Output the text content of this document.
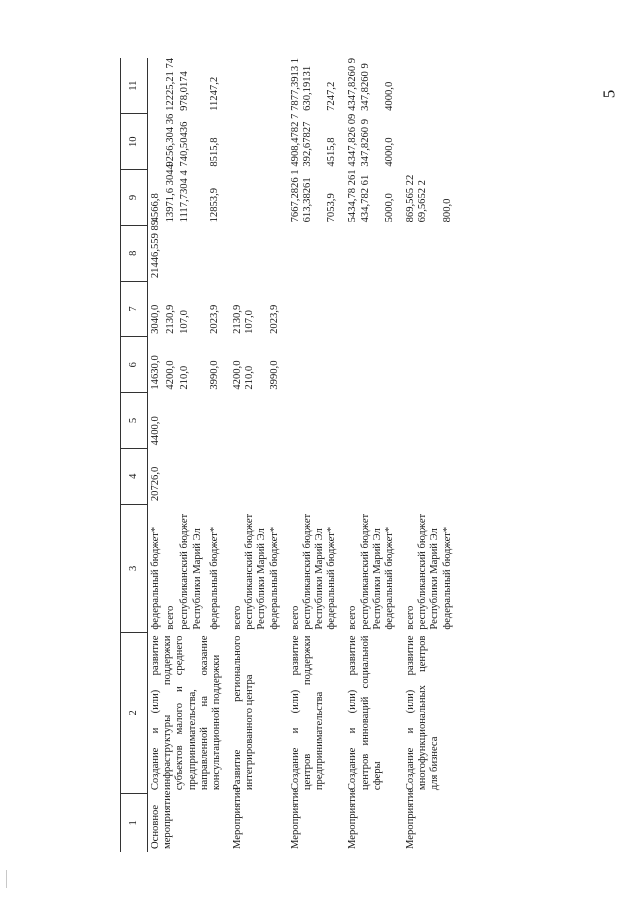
5
1	2	3	4	5	6	7	8	9	10	11
Основное мероприятие	Создание и (или) развитие инфраструктуры поддержки субъектов малого и среднего предпринимательства, направленной на оказание консультационной поддержки	федеральный бюджет*	20726,0	4400,0	14630,0	3040,0	21446,559 89	4566,8		
		всего			4200,0	2130,9		13971,6 3044	9256,304 36	12225,21 74
		республиканский бюджет Республики Марий Эл			210,0	107,0		1117,7304 4	740,50436	978,0174
		федеральный бюджет*			3990,0	2023,9		12853,9	8515,8	11247,2
Мероприятие	Развитие регионального интегрированного центра	всего			4200,0	2130,9				
		республиканский бюджет Республики Марий Эл			210,0	107,0				
		федеральный бюджет*			3990,0	2023,9				
Мероприятие	Создание и (или) развитие центров поддержки предпринимательства	всего						7667,2826 1	4908,4782 7	7877,3913 1
		республиканский бюджет Республики Марий Эл						613,38261	392,67827	630,19131
		федеральный бюджет*						7053,9	4515,8	7247,2
Мероприятие	Создание и (или) развитие центров инноваций социальной сферы	всего						5434,78 261	4347,826 09	4347,8260 9
		республиканский бюджет Республики Марий Эл						434,782 61	347,8260 9	347,8260 9
		федеральный бюджет*						5000,0	4000,0	4000,0
Мероприятие	Создание и (или) развитие многофункциональных центров для бизнеса	всего						869,565 22		
		республиканский бюджет Республики Марий Эл						69,5652 2		
		федеральный бюджет*						800,0		
